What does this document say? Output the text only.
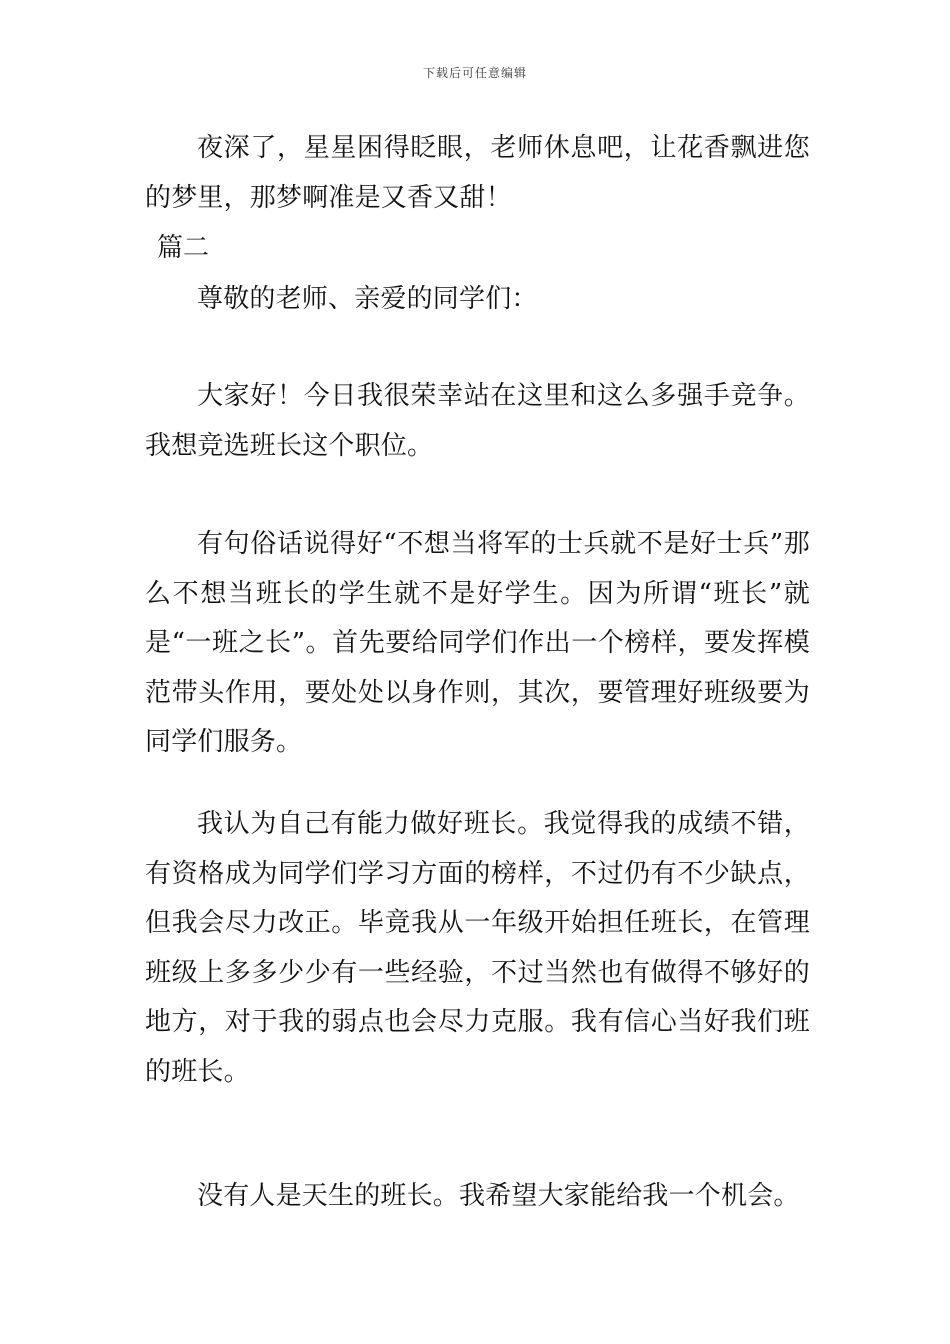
下载后可任意编辑

夜深了，星星困得眨眼，老师休息吧，让花香飘进您的梦里，那梦啊准是又香又甜！

篇二

尊敬的老师、亲爱的同学们：

大家好！今日我很荣幸站在这里和这么多强手竞争。我想竞选班长这个职位。

有句俗话说得好“不想当将军的士兵就不是好士兵”那么不想当班长的学生就不是好学生。因为所谓“班长”就是“一班之长”。首先要给同学们作出一个榜样，要发挥模范带头作用，要处处以身作则，其次，要管理好班级要为同学们服务。

我认为自己有能力做好班长。我觉得我的成绩不错，有资格成为同学们学习方面的榜样，不过仍有不少缺点，但我会尽力改正。毕竟我从一年级开始担任班长，在管理班级上多多少少有一些经验，不过当然也有做得不够好的地方，对于我的弱点也会尽力克服。我有信心当好我们班的班长。

没有人是天生的班长。我希望大家能给我一个机会。
